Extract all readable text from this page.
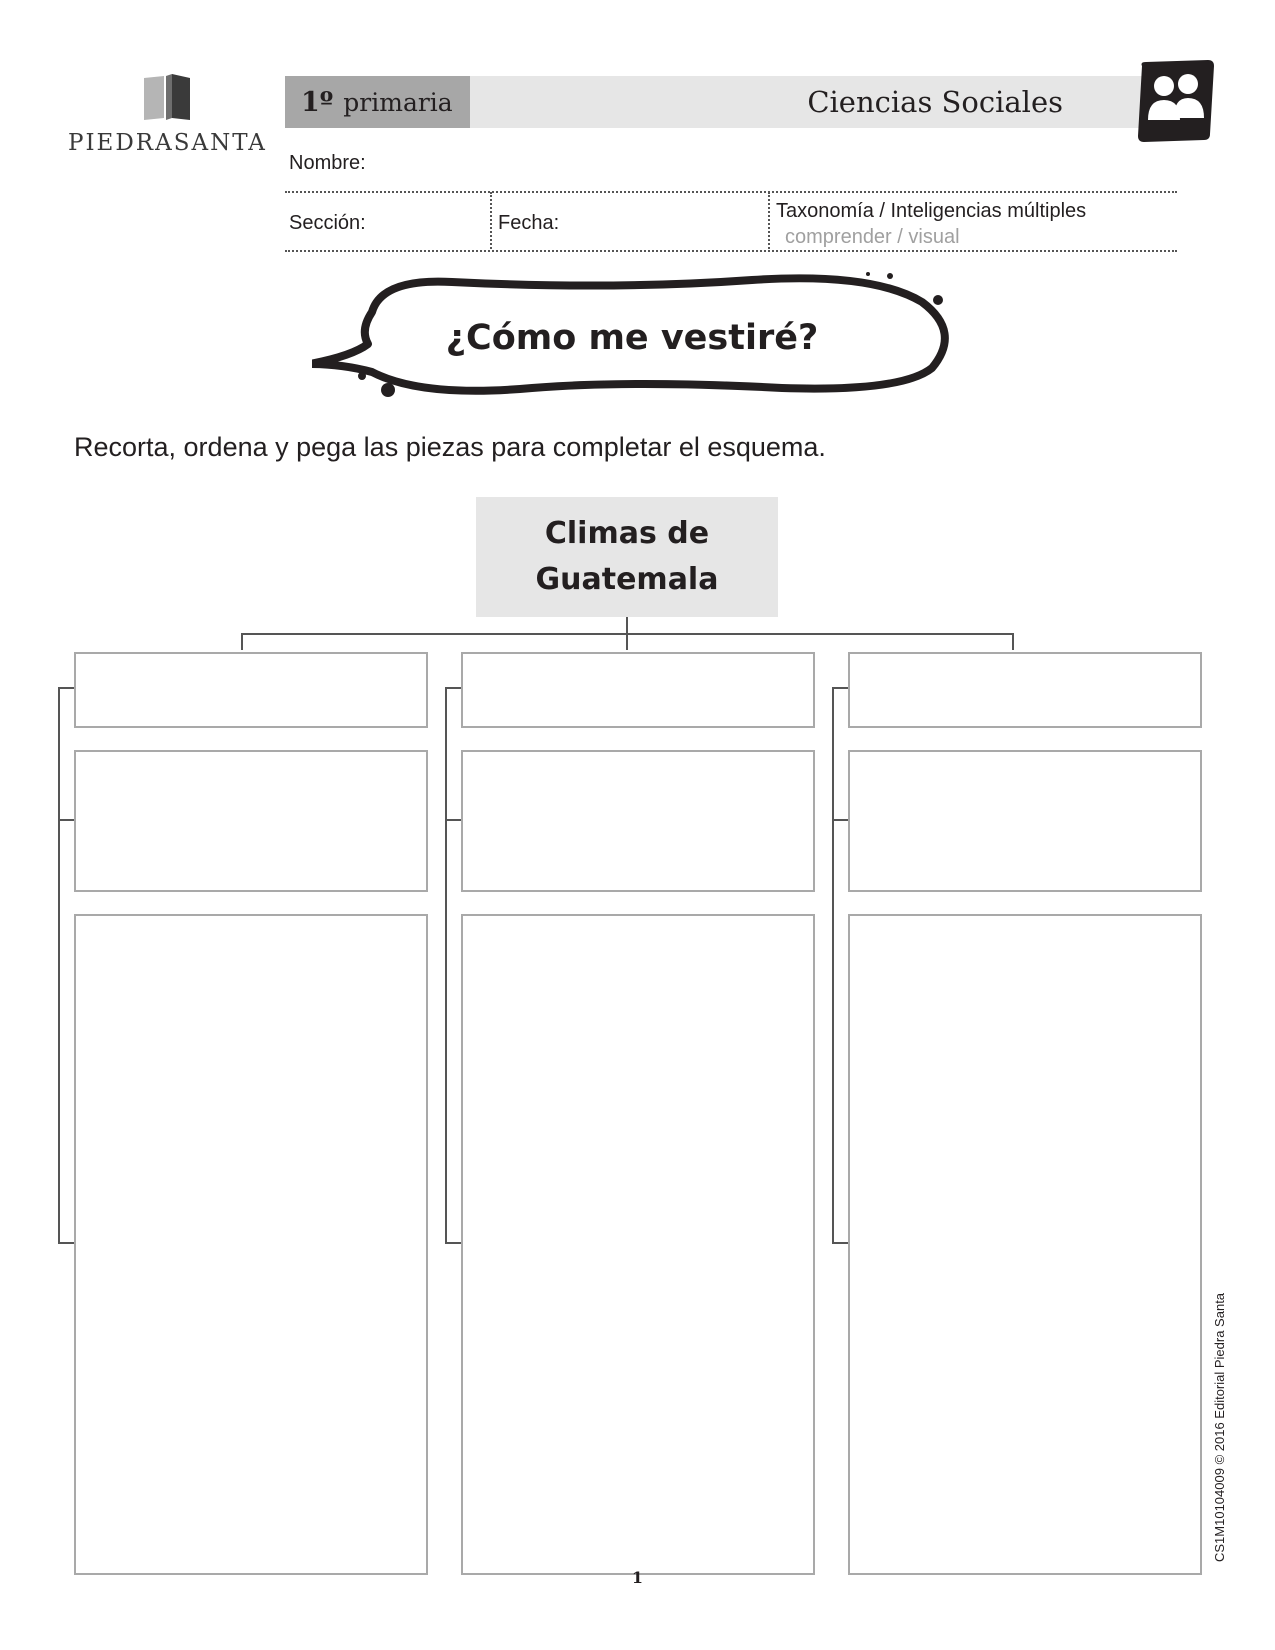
PIEDRASANTA
1º primaria	Ciencias Sociales
Nombre:
Sección:	Fecha:
Taxonomía / Inteligencias múltiples
comprender / visual
¿Cómo me vestiré?
Recorta, ordena y pega las piezas para completar el esquema.
Climas de
Guatemala
1
CS1M10104009 © 2016 Editorial Piedra Santa
